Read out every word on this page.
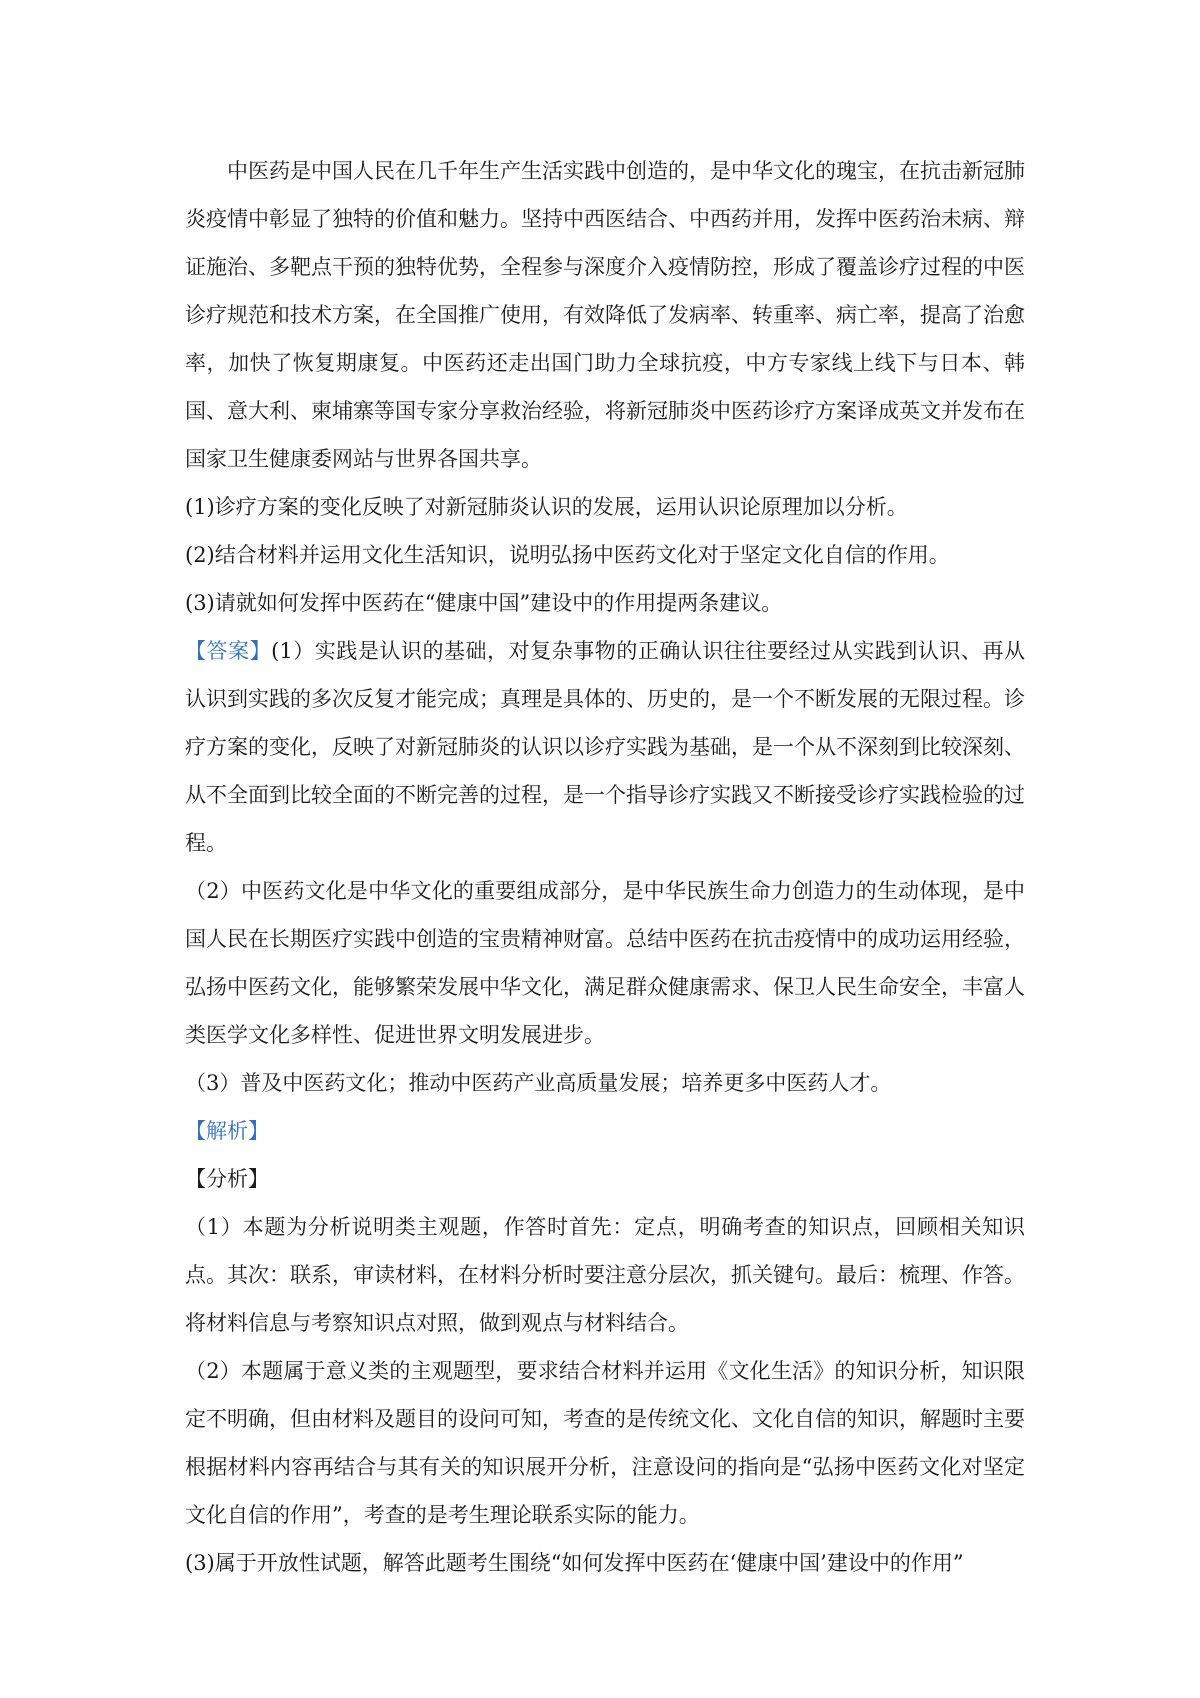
中医药是中国人民在几千年生产生活实践中创造的，是中华文化的瑰宝，在抗击新冠肺炎疫情中彰显了独特的价值和魅力。坚持中西医结合、中西药并用，发挥中医药治未病、辩证施治、多靶点干预的独特优势，全程参与深度介入疫情防控，形成了覆盖诊疗过程的中医诊疗规范和技术方案，在全国推广使用，有效降低了发病率、转重率、病亡率，提高了治愈率，加快了恢复期康复。中医药还走出国门助力全球抗疫，中方专家线上线下与日本、韩国、意大利、柬埔寨等国专家分享救治经验，将新冠肺炎中医药诊疗方案译成英文并发布在国家卫生健康委网站与世界各国共享。

(1)诊疗方案的变化反映了对新冠肺炎认识的发展，运用认识论原理加以分析。

(2)结合材料并运用文化生活知识，说明弘扬中医药文化对于坚定文化自信的作用。

(3)请就如何发挥中医药在“健康中国”建设中的作用提两条建议。

【答案】(1）实践是认识的基础，对复杂事物的正确认识往往要经过从实践到认识、再从认识到实践的多次反复才能完成；真理是具体的、历史的，是一个不断发展的无限过程。诊疗方案的变化，反映了对新冠肺炎的认识以诊疗实践为基础，是一个从不深刻到比较深刻、从不全面到比较全面的不断完善的过程，是一个指导诊疗实践又不断接受诊疗实践检验的过程。

（2）中医药文化是中华文化的重要组成部分，是中华民族生命力创造力的生动体现，是中国人民在长期医疗实践中创造的宝贵精神财富。总结中医药在抗击疫情中的成功运用经验，弘扬中医药文化，能够繁荣发展中华文化，满足群众健康需求、保卫人民生命安全，丰富人类医学文化多样性、促进世界文明发展进步。

（3）普及中医药文化；推动中医药产业高质量发展；培养更多中医药人才。

【解析】

【分析】

（1）本题为分析说明类主观题，作答时首先：定点，明确考查的知识点，回顾相关知识点。其次：联系，审读材料，在材料分析时要注意分层次，抓关键句。最后：梳理、作答。将材料信息与考察知识点对照，做到观点与材料结合。

（2）本题属于意义类的主观题型，要求结合材料并运用《文化生活》的知识分析，知识限定不明确，但由材料及题目的设问可知，考查的是传统文化、文化自信的知识，解题时主要根据材料内容再结合与其有关的知识展开分析，注意设问的指向是“弘扬中医药文化对坚定文化自信的作用”，考查的是考生理论联系实际的能力。

(3)属于开放性试题，解答此题考生围绕“如何发挥中医药在‘健康中国’建设中的作用”
